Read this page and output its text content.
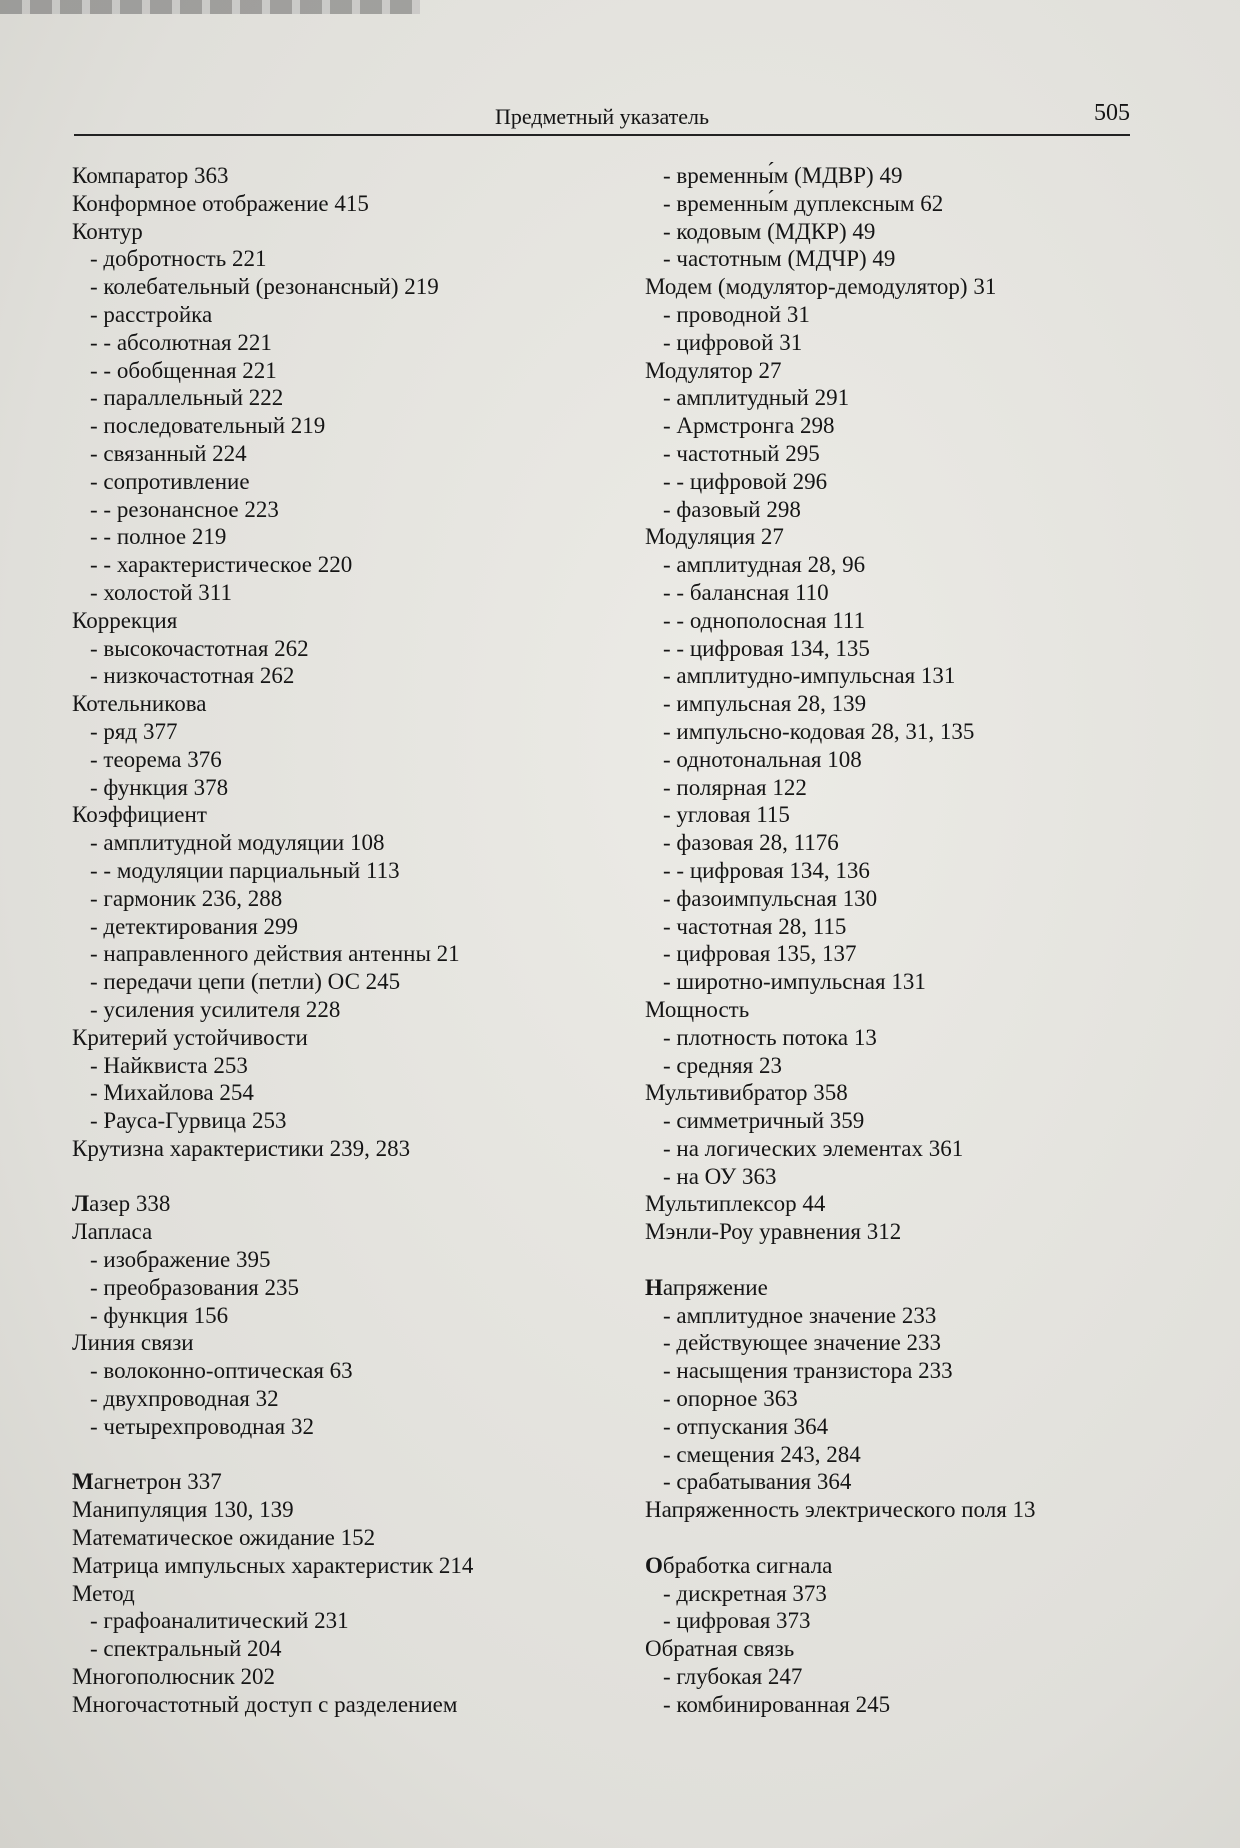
Предметный указатель	505
Компаратор 363
Конформное отображение 415
Контур
- добротность 221
- колебательный (резонансный) 219
- расстройка
- - абсолютная 221
- - обобщенная 221
- параллельный 222
- последовательный 219
- связанный 224
- сопротивление
- - резонансное 223
- - полное 219
- - характеристическое 220
- холостой 311
Коррекция
- высокочастотная 262
- низкочастотная 262
Котельникова
- ряд 377
- теорема 376
- функция 378
Коэффициент
- амплитудной модуляции 108
- - модуляции парциальный 113
- гармоник 236, 288
- детектирования 299
- направленного действия антенны 21
- передачи цепи (петли) ОС 245
- усиления усилителя 228
Критерий устойчивости
- Найквиста 253
- Михайлова 254
- Рауса-Гурвица 253
Крутизна характеристики 239, 283
Лазер 338
Лапласа
- изображение 395
- преобразования 235
- функция 156
Линия связи
- волоконно-оптическая 63
- двухпроводная 32
- четырехпроводная 32
Магнетрон 337
Манипуляция 130, 139
Математическое ожидание 152
Матрица импульсных характеристик 214
Метод
- графоаналитический 231
- спектральный 204
Многополюсник 202
Многочастотный доступ с разделением
- временны́м (МДВР) 49
- временны́м дуплексным 62
- кодовым (МДКР) 49
- частотным (МДЧР) 49
Модем (модулятор-демодулятор) 31
- проводной 31
- цифровой 31
Модулятор 27
- амплитудный 291
- Армстронга 298
- частотный 295
- - цифровой 296
- фазовый 298
Модуляция 27
- амплитудная 28, 96
- - балансная 110
- - однополосная 111
- - цифровая 134, 135
- амплитудно-импульсная 131
- импульсная 28, 139
- импульсно-кодовая 28, 31, 135
- однотональная 108
- полярная 122
- угловая 115
- фазовая 28, 1176
- - цифровая 134, 136
- фазоимпульсная 130
- частотная 28, 115
- цифровая 135, 137
- широтно-импульсная 131
Мощность
- плотность потока 13
- средняя 23
Мультивибратор 358
- симметричный 359
- на логических элементах 361
- на ОУ 363
Мультиплексор 44
Мэнли-Роу уравнения 312
Напряжение
- амплитудное значение 233
- действующее значение 233
- насыщения транзистора 233
- опорное 363
- отпускания 364
- смещения 243, 284
- срабатывания 364
Напряженность электрического поля 13
Обработка сигнала
- дискретная 373
- цифровая 373
Обратная связь
- глубокая 247
- комбинированная 245
